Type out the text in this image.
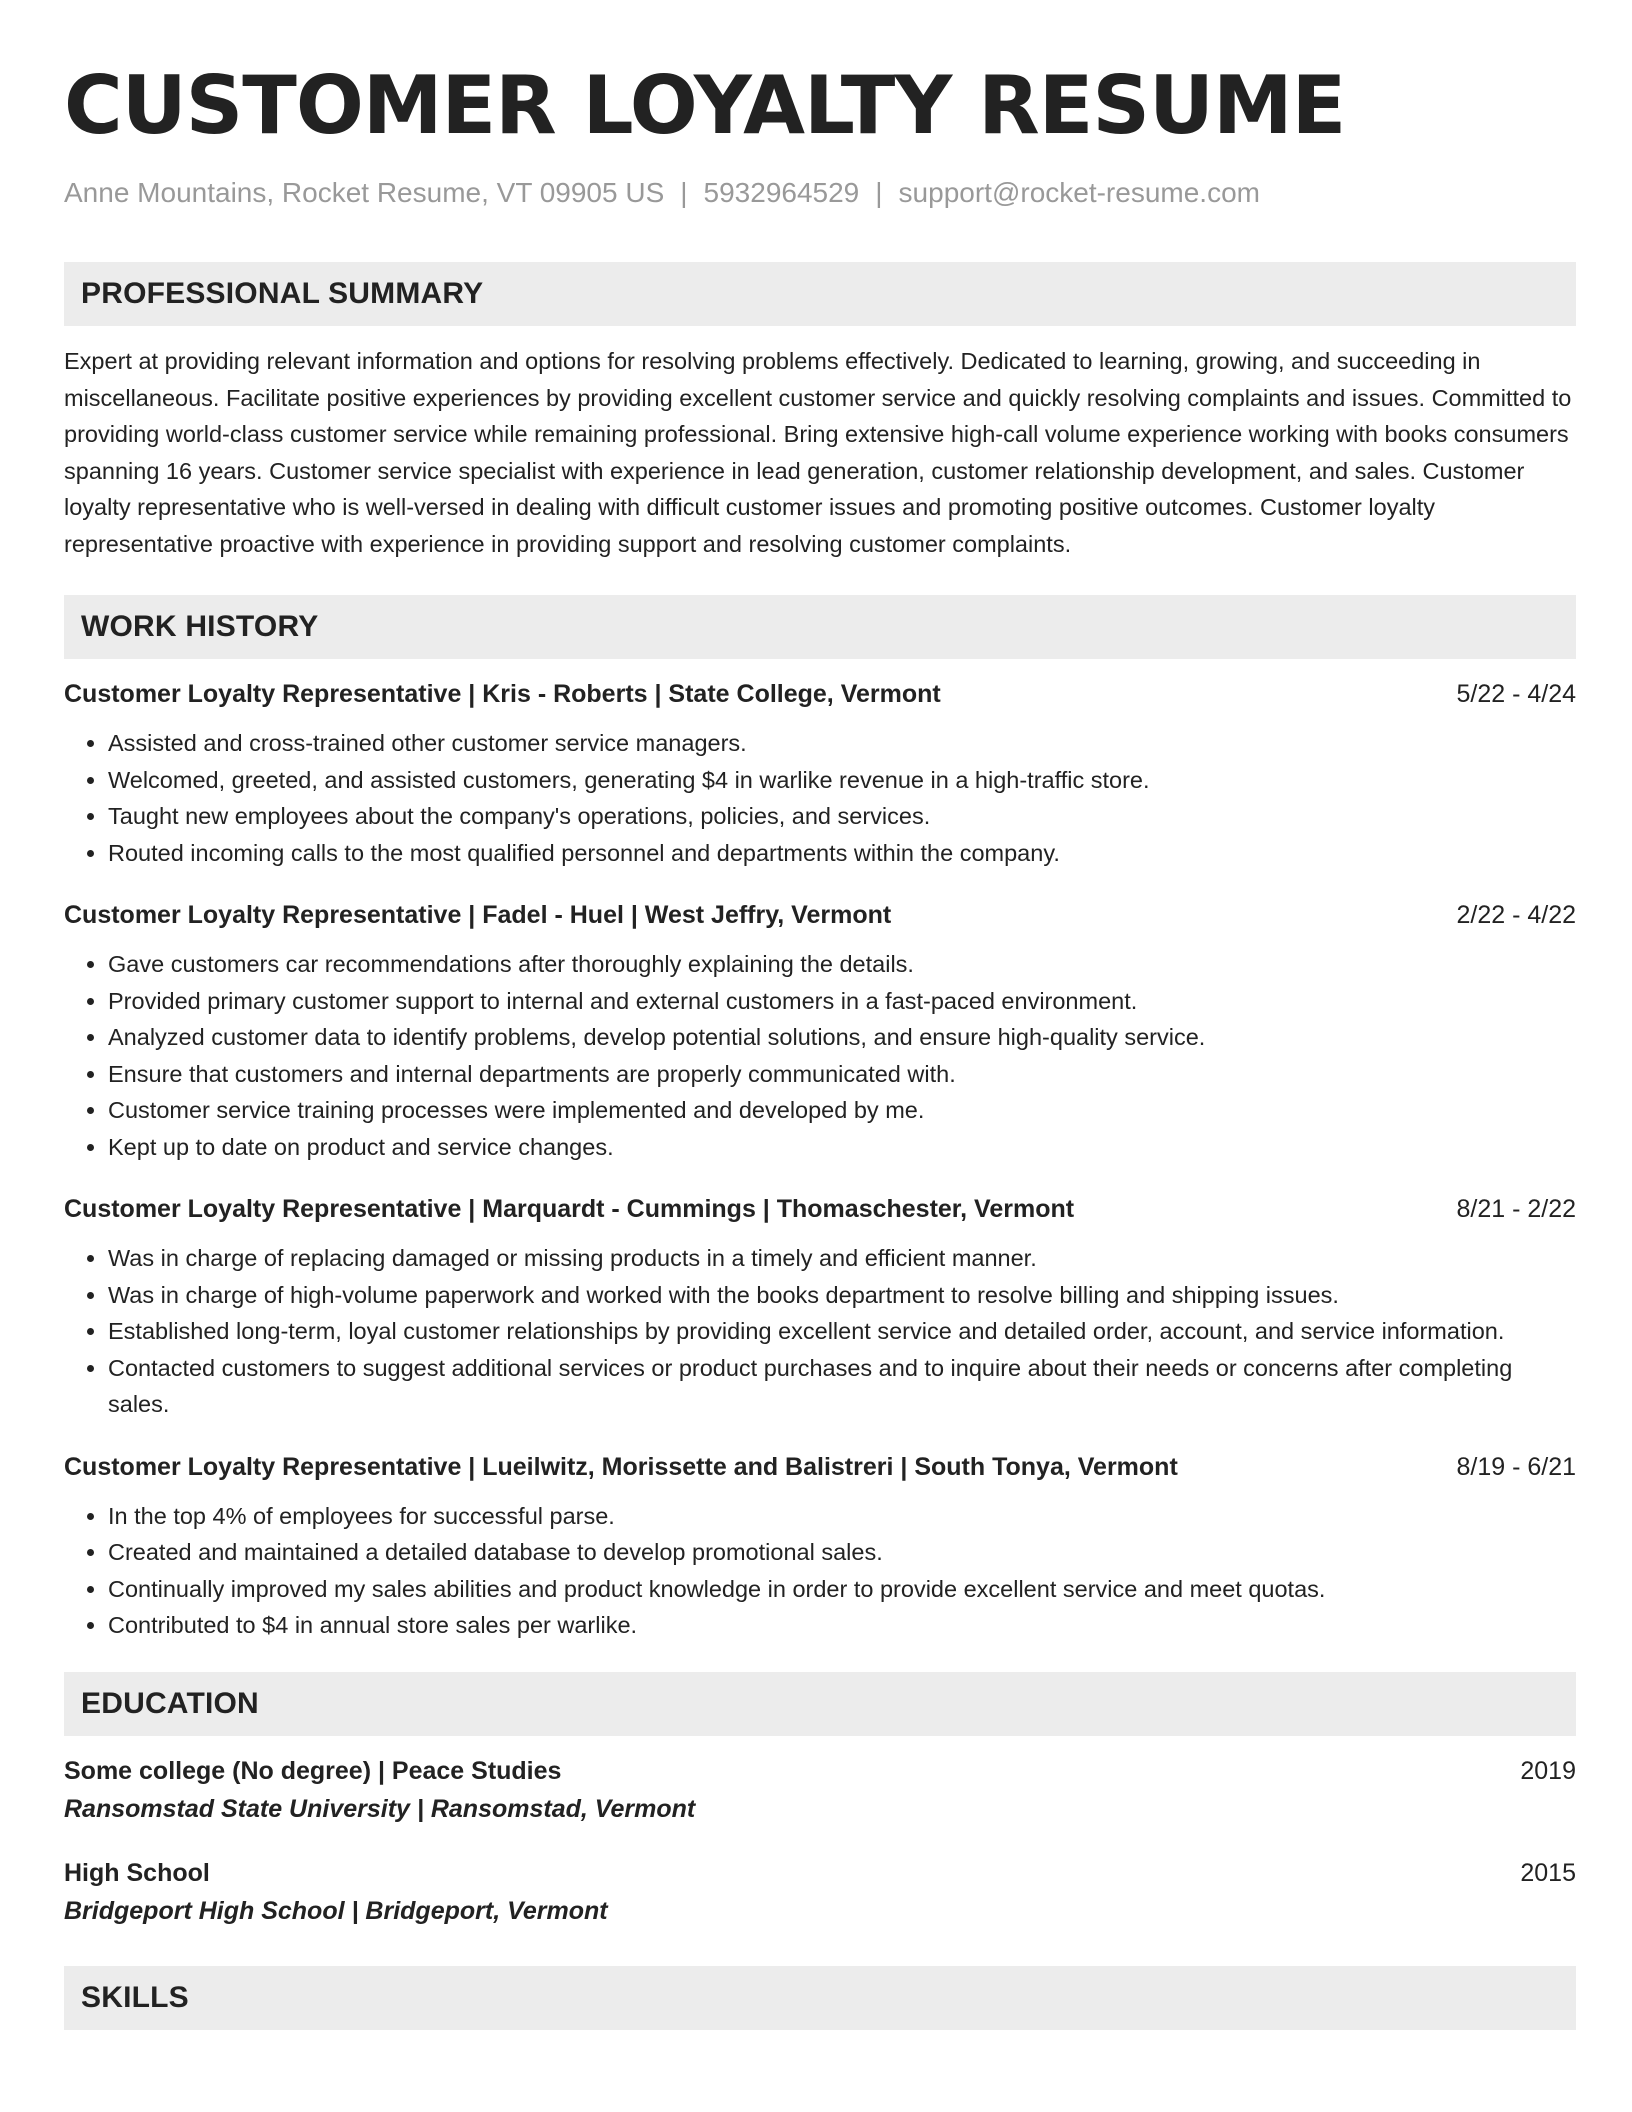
CUSTOMER LOYALTY RESUME
Anne Mountains, Rocket Resume, VT 09905 US | 5932964529 | support@rocket-resume.com
PROFESSIONAL SUMMARY
Expert at providing relevant information and options for resolving problems effectively. Dedicated to learning, growing, and succeeding in miscellaneous. Facilitate positive experiences by providing excellent customer service and quickly resolving complaints and issues. Committed to providing world-class customer service while remaining professional. Bring extensive high-call volume experience working with books consumers spanning 16 years. Customer service specialist with experience in lead generation, customer relationship development, and sales. Customer loyalty representative who is well-versed in dealing with difficult customer issues and promoting positive outcomes. Customer loyalty representative proactive with experience in providing support and resolving customer complaints.
WORK HISTORY
Customer Loyalty Representative | Kris - Roberts | State College, Vermont	5/22 - 4/24
• Assisted and cross-trained other customer service managers.
• Welcomed, greeted, and assisted customers, generating $4 in warlike revenue in a high-traffic store.
• Taught new employees about the company's operations, policies, and services.
• Routed incoming calls to the most qualified personnel and departments within the company.
Customer Loyalty Representative | Fadel - Huel | West Jeffry, Vermont	2/22 - 4/22
• Gave customers car recommendations after thoroughly explaining the details.
• Provided primary customer support to internal and external customers in a fast-paced environment.
• Analyzed customer data to identify problems, develop potential solutions, and ensure high-quality service.
• Ensure that customers and internal departments are properly communicated with.
• Customer service training processes were implemented and developed by me.
• Kept up to date on product and service changes.
Customer Loyalty Representative | Marquardt - Cummings | Thomaschester, Vermont	8/21 - 2/22
• Was in charge of replacing damaged or missing products in a timely and efficient manner.
• Was in charge of high-volume paperwork and worked with the books department to resolve billing and shipping issues.
• Established long-term, loyal customer relationships by providing excellent service and detailed order, account, and service information.
• Contacted customers to suggest additional services or product purchases and to inquire about their needs or concerns after completing sales.
Customer Loyalty Representative | Lueilwitz, Morissette and Balistreri | South Tonya, Vermont	8/19 - 6/21
• In the top 4% of employees for successful parse.
• Created and maintained a detailed database to develop promotional sales.
• Continually improved my sales abilities and product knowledge in order to provide excellent service and meet quotas.
• Contributed to $4 in annual store sales per warlike.
EDUCATION
Some college (No degree) | Peace Studies	2019
Ransomstad State University | Ransomstad, Vermont
High School	2015
Bridgeport High School | Bridgeport, Vermont
SKILLS
